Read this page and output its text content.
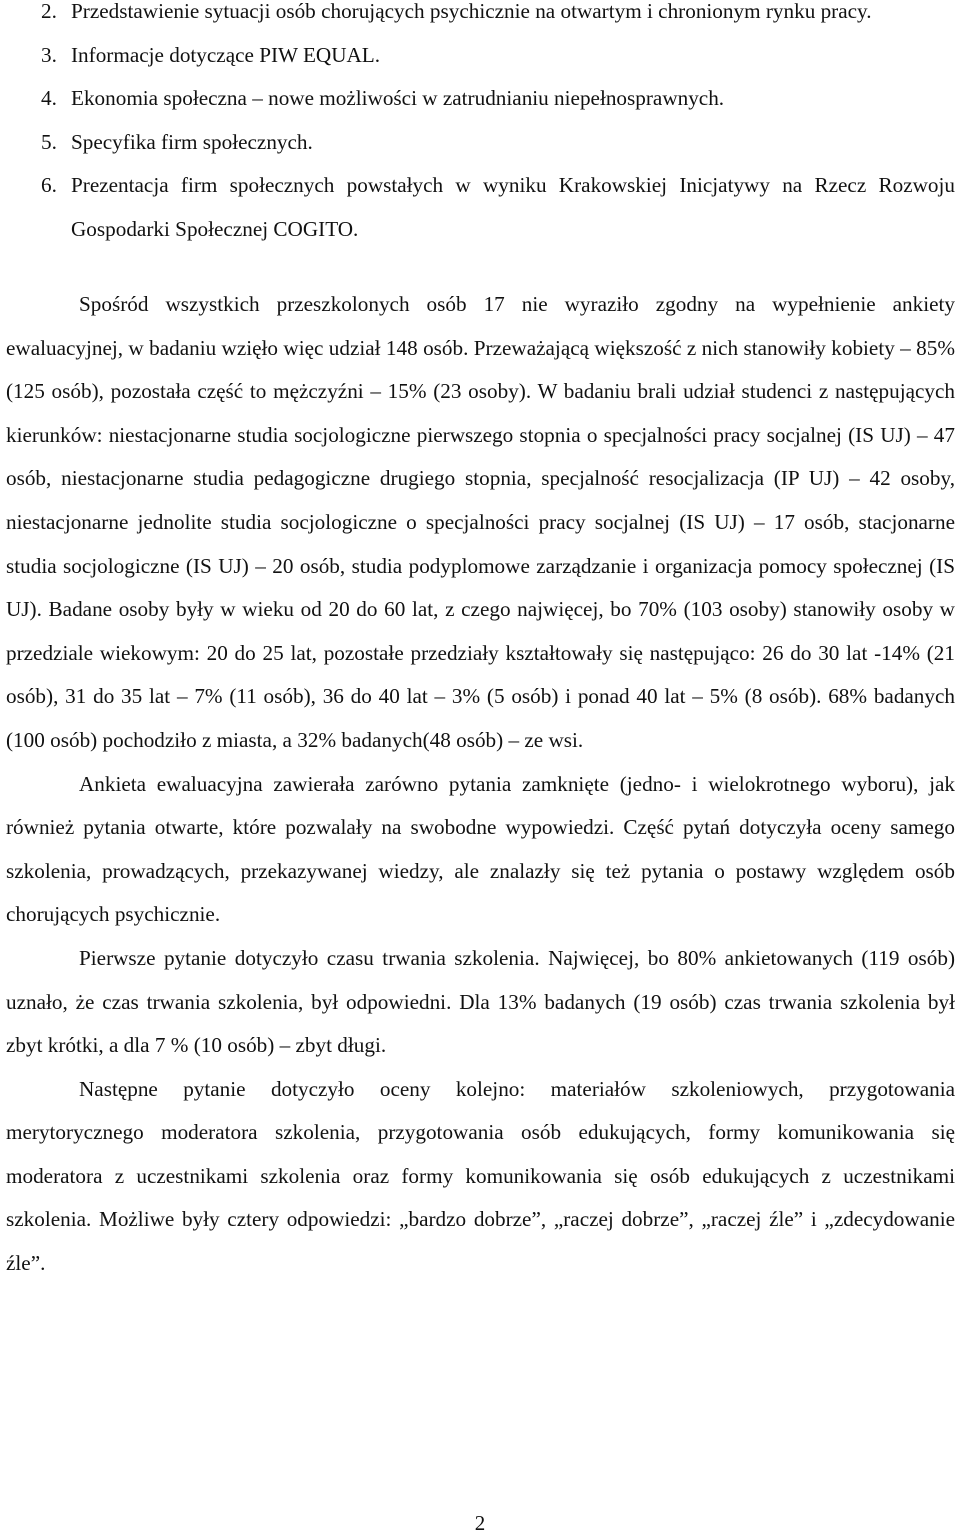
2. Przedstawienie sytuacji osób chorujących psychicznie na otwartym i chronionym rynku pracy.
3. Informacje dotyczące PIW EQUAL.
4. Ekonomia społeczna – nowe możliwości w zatrudnianiu niepełnosprawnych.
5. Specyfika firm społecznych.
6. Prezentacja firm społecznych powstałych w wyniku Krakowskiej Inicjatywy na Rzecz Rozwoju Gospodarki Społecznej COGITO.

Spośród wszystkich przeszkolonych osób 17 nie wyraziło zgodny na wypełnienie ankiety ewaluacyjnej, w badaniu wzięło więc udział 148 osób. Przeważającą większość z nich stanowiły kobiety – 85% (125 osób), pozostała część to mężczyźni – 15% (23 osoby). W badaniu brali udział studenci z następujących kierunków: niestacjonarne studia socjologiczne pierwszego stopnia o specjalności pracy socjalnej (IS UJ) – 47 osób, niestacjonarne studia pedagogiczne drugiego stopnia, specjalność resocjalizacja (IP UJ) – 42 osoby, niestacjonarne jednolite studia socjologiczne o specjalności pracy socjalnej (IS UJ) – 17 osób, stacjonarne studia socjologiczne (IS UJ) – 20 osób, studia podyplomowe zarządzanie i organizacja pomocy społecznej (IS UJ). Badane osoby były w wieku od 20 do 60 lat, z czego najwięcej, bo 70% (103 osoby) stanowiły osoby w przedziale wiekowym: 20 do 25 lat, pozostałe przedziały kształtowały się następująco: 26 do 30 lat -14% (21 osób), 31 do 35 lat – 7% (11 osób), 36 do 40 lat – 3% (5 osób) i ponad 40 lat – 5% (8 osób). 68% badanych (100 osób) pochodziło z miasta, a 32% badanych(48 osób) – ze wsi.

Ankieta ewaluacyjna zawierała zarówno pytania zamknięte (jedno- i wielokrotnego wyboru), jak również pytania otwarte, które pozwalały na swobodne wypowiedzi. Część pytań dotyczyła oceny samego szkolenia, prowadzących, przekazywanej wiedzy, ale znalazły się też pytania o postawy względem osób chorujących psychicznie.

Pierwsze pytanie dotyczyło czasu trwania szkolenia. Najwięcej, bo 80% ankietowanych (119 osób) uznało, że czas trwania szkolenia, był odpowiedni. Dla 13% badanych (19 osób) czas trwania szkolenia był zbyt krótki, a dla 7 % (10 osób) – zbyt długi.

Następne pytanie dotyczyło oceny kolejno: materiałów szkoleniowych, przygotowania merytorycznego moderatora szkolenia, przygotowania osób edukujących, formy komunikowania się moderatora z uczestnikami szkolenia oraz formy komunikowania się osób edukujących z uczestnikami szkolenia. Możliwe były cztery odpowiedzi: „bardzo dobrze”, „raczej dobrze”, „raczej źle” i „zdecydowanie źle”.

2
